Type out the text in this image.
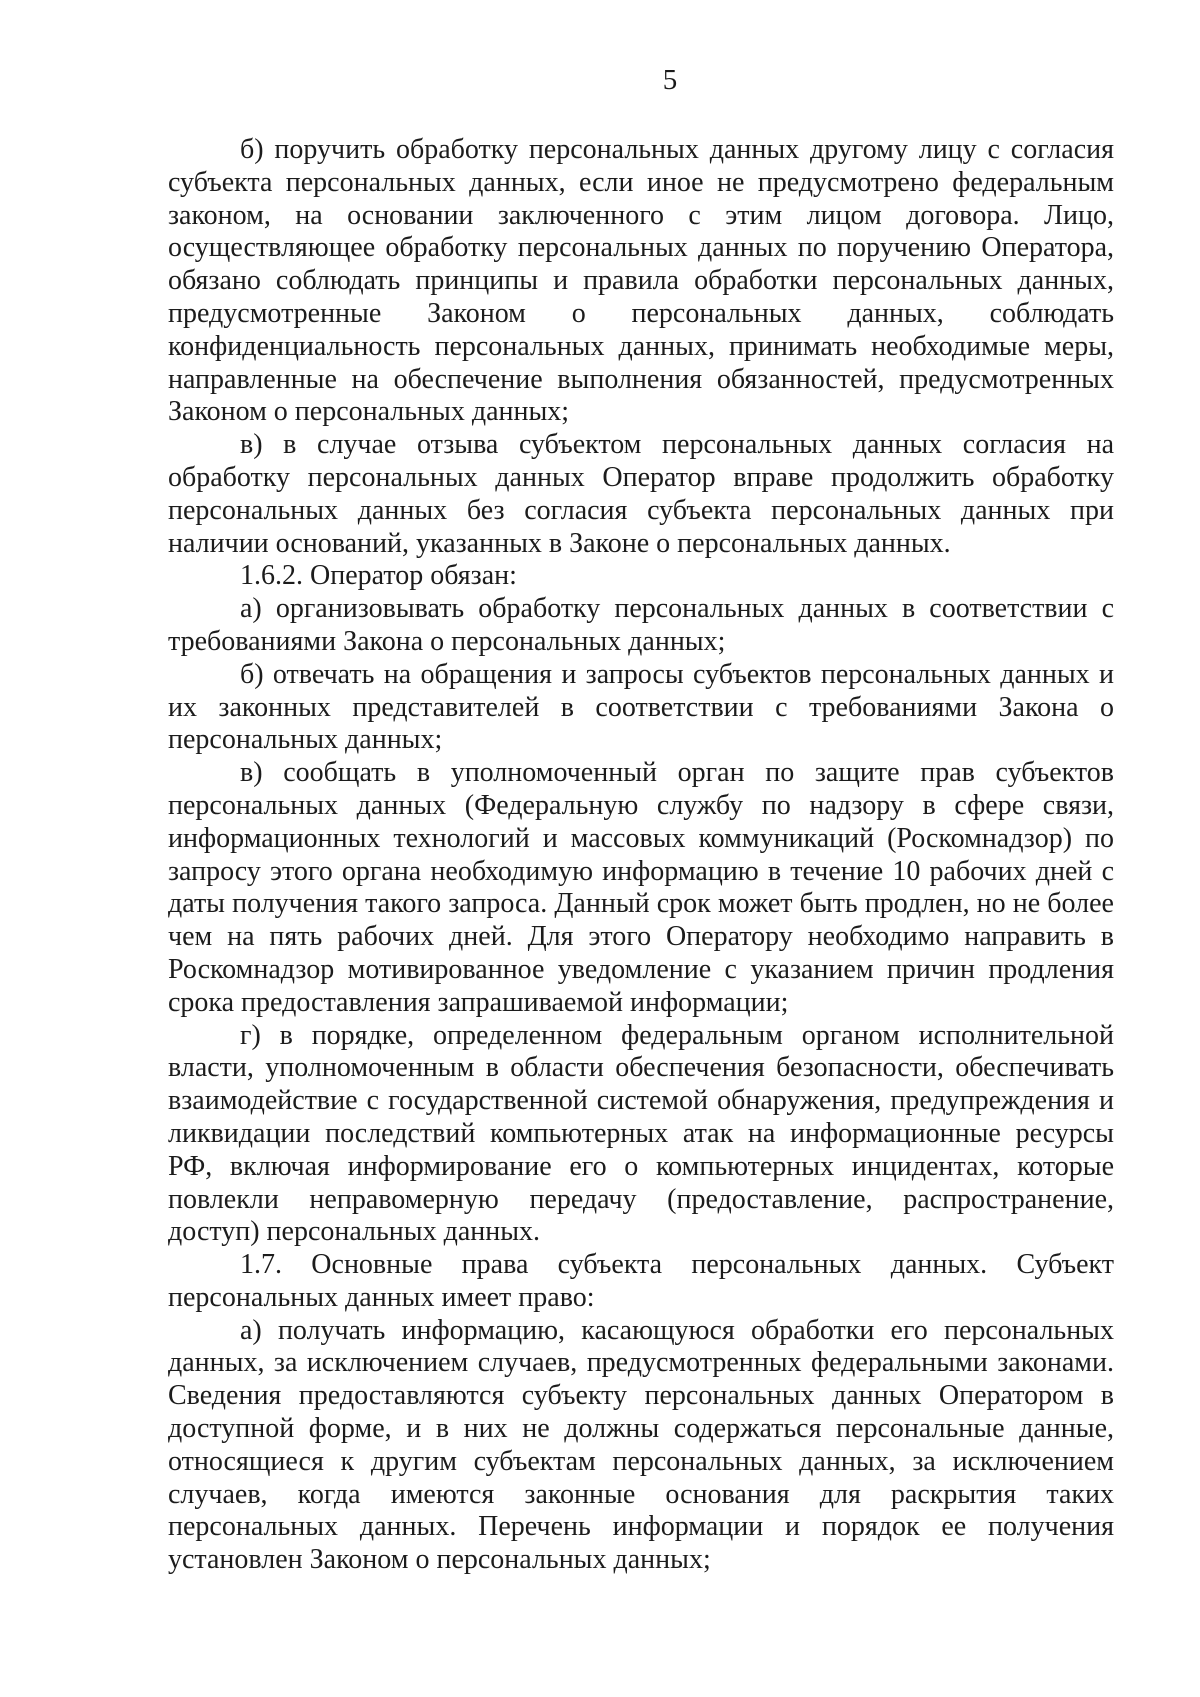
5

б) поручить обработку персональных данных другому лицу с согласия субъекта персональных данных, если иное не предусмотрено федеральным законом, на основании заключенного с этим лицом договора. Лицо, осуществляющее обработку персональных данных по поручению Оператора, обязано соблюдать принципы и правила обработки персональных данных, предусмотренные Законом о персональных данных, соблюдать конфиденциальность персональных данных, принимать необходимые меры, направленные на обеспечение выполнения обязанностей, предусмотренных Законом о персональных данных;

в) в случае отзыва субъектом персональных данных согласия на обработку персональных данных Оператор вправе продолжить обработку персональных данных без согласия субъекта персональных данных при наличии оснований, указанных в Законе о персональных данных.

1.6.2. Оператор обязан:

а) организовывать обработку персональных данных в соответствии с требованиями Закона о персональных данных;

б) отвечать на обращения и запросы субъектов персональных данных и их законных представителей в соответствии с требованиями Закона о персональных данных;

в) сообщать в уполномоченный орган по защите прав субъектов персональных данных (Федеральную службу по надзору в сфере связи, информационных технологий и массовых коммуникаций (Роскомнадзор) по запросу этого органа необходимую информацию в течение 10 рабочих дней с даты получения такого запроса. Данный срок может быть продлен, но не более чем на пять рабочих дней. Для этого Оператору необходимо направить в Роскомнадзор мотивированное уведомление с указанием причин продления срока предоставления запрашиваемой информации;

г) в порядке, определенном федеральным органом исполнительной власти, уполномоченным в области обеспечения безопасности, обеспечивать взаимодействие с государственной системой обнаружения, предупреждения и ликвидации последствий компьютерных атак на информационные ресурсы РФ, включая информирование его о компьютерных инцидентах, которые повлекли неправомерную передачу (предоставление, распространение, доступ) персональных данных.

1.7. Основные права субъекта персональных данных. Субъект персональных данных имеет право:

а) получать информацию, касающуюся обработки его персональных данных, за исключением случаев, предусмотренных федеральными законами. Сведения предоставляются субъекту персональных данных Оператором в доступной форме, и в них не должны содержаться персональные данные, относящиеся к другим субъектам персональных данных, за исключением случаев, когда имеются законные основания для раскрытия таких персональных данных. Перечень информации и порядок ее получения установлен Законом о персональных данных;
